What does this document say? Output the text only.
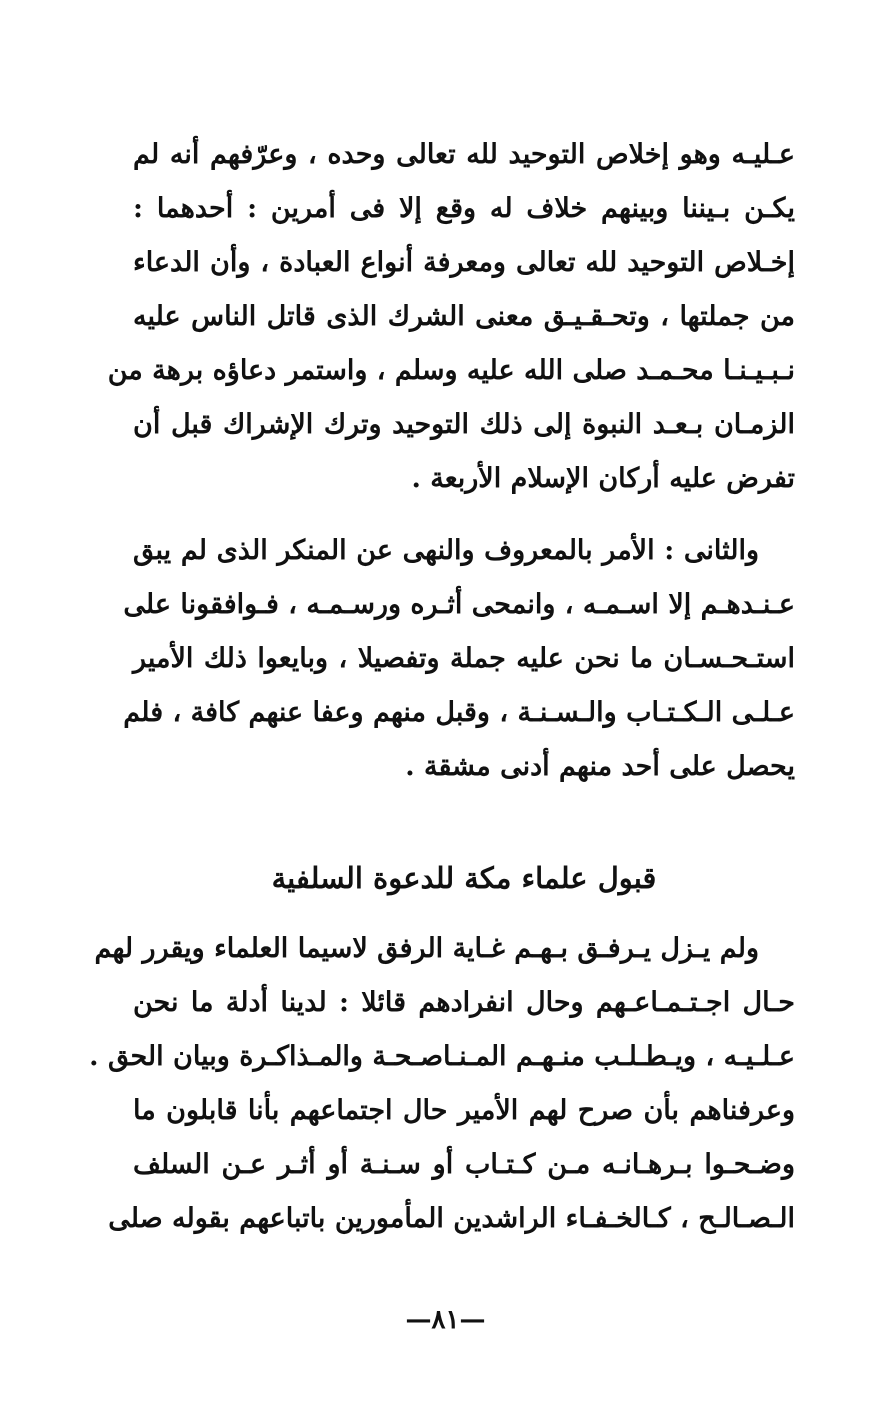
عـليـه وهو إخلاص التوحيد لله تعالى وحده ، وعرّفهم أنه لم
يكـن بـيننا وبينهم خلاف له وقع إلا فى أمرين : أحدهما :
إخـلاص التوحيد لله تعالى ومعرفة أنواع العبادة ، وأن الدعاء
من جملتها ، وتحـقـيـق معنى الشرك الذى قاتل الناس عليه
نـبـيـنـا محـمـد صلى الله عليه وسلم ، واستمر دعاؤه برهة من
الزمـان بـعـد النبوة إلى ذلك التوحيد وترك الإشراك قبل أن
تفرض عليه أركان الإسلام الأربعة .
والثانى : الأمر بالمعروف والنهى عن المنكر الذى لم يبق
عـنـدهـم إلا اسـمـه ، وانمحى أثـره ورسـمـه ، فـوافقونا على
استـحـسـان ما نحن عليه جملة وتفصيلا ، وبايعوا ذلك الأمير
عـلـى الـكـتـاب والـسـنـة ، وقبل منهم وعفا عنهم كافة ، فلم
يحصل على أحد منهم أدنى مشقة .
قبول علماء مكة للدعوة السلفية
ولم يـزل يـرفـق بـهـم غـاية الرفق لاسيما العلماء ويقرر لهم
حـال اجـتـمـاعـهم وحال انفرادهم قائلا : لدينا أدلة ما نحن
عـلـيـه ، ويـطـلـب منـهـم المـنـاصـحـة والمـذاكـرة وبيان الحق .
وعرفناهم بأن صرح لهم الأمير حال اجتماعهم بأنا قابلون ما
وضـحـوا بـرهـانـه مـن كـتـاب أو سـنـة أو أثـر عـن السلف
الـصـالـح ، كـالخـفـاء الراشدين المأمورين باتباعهم بقوله صلى
—٨١—
